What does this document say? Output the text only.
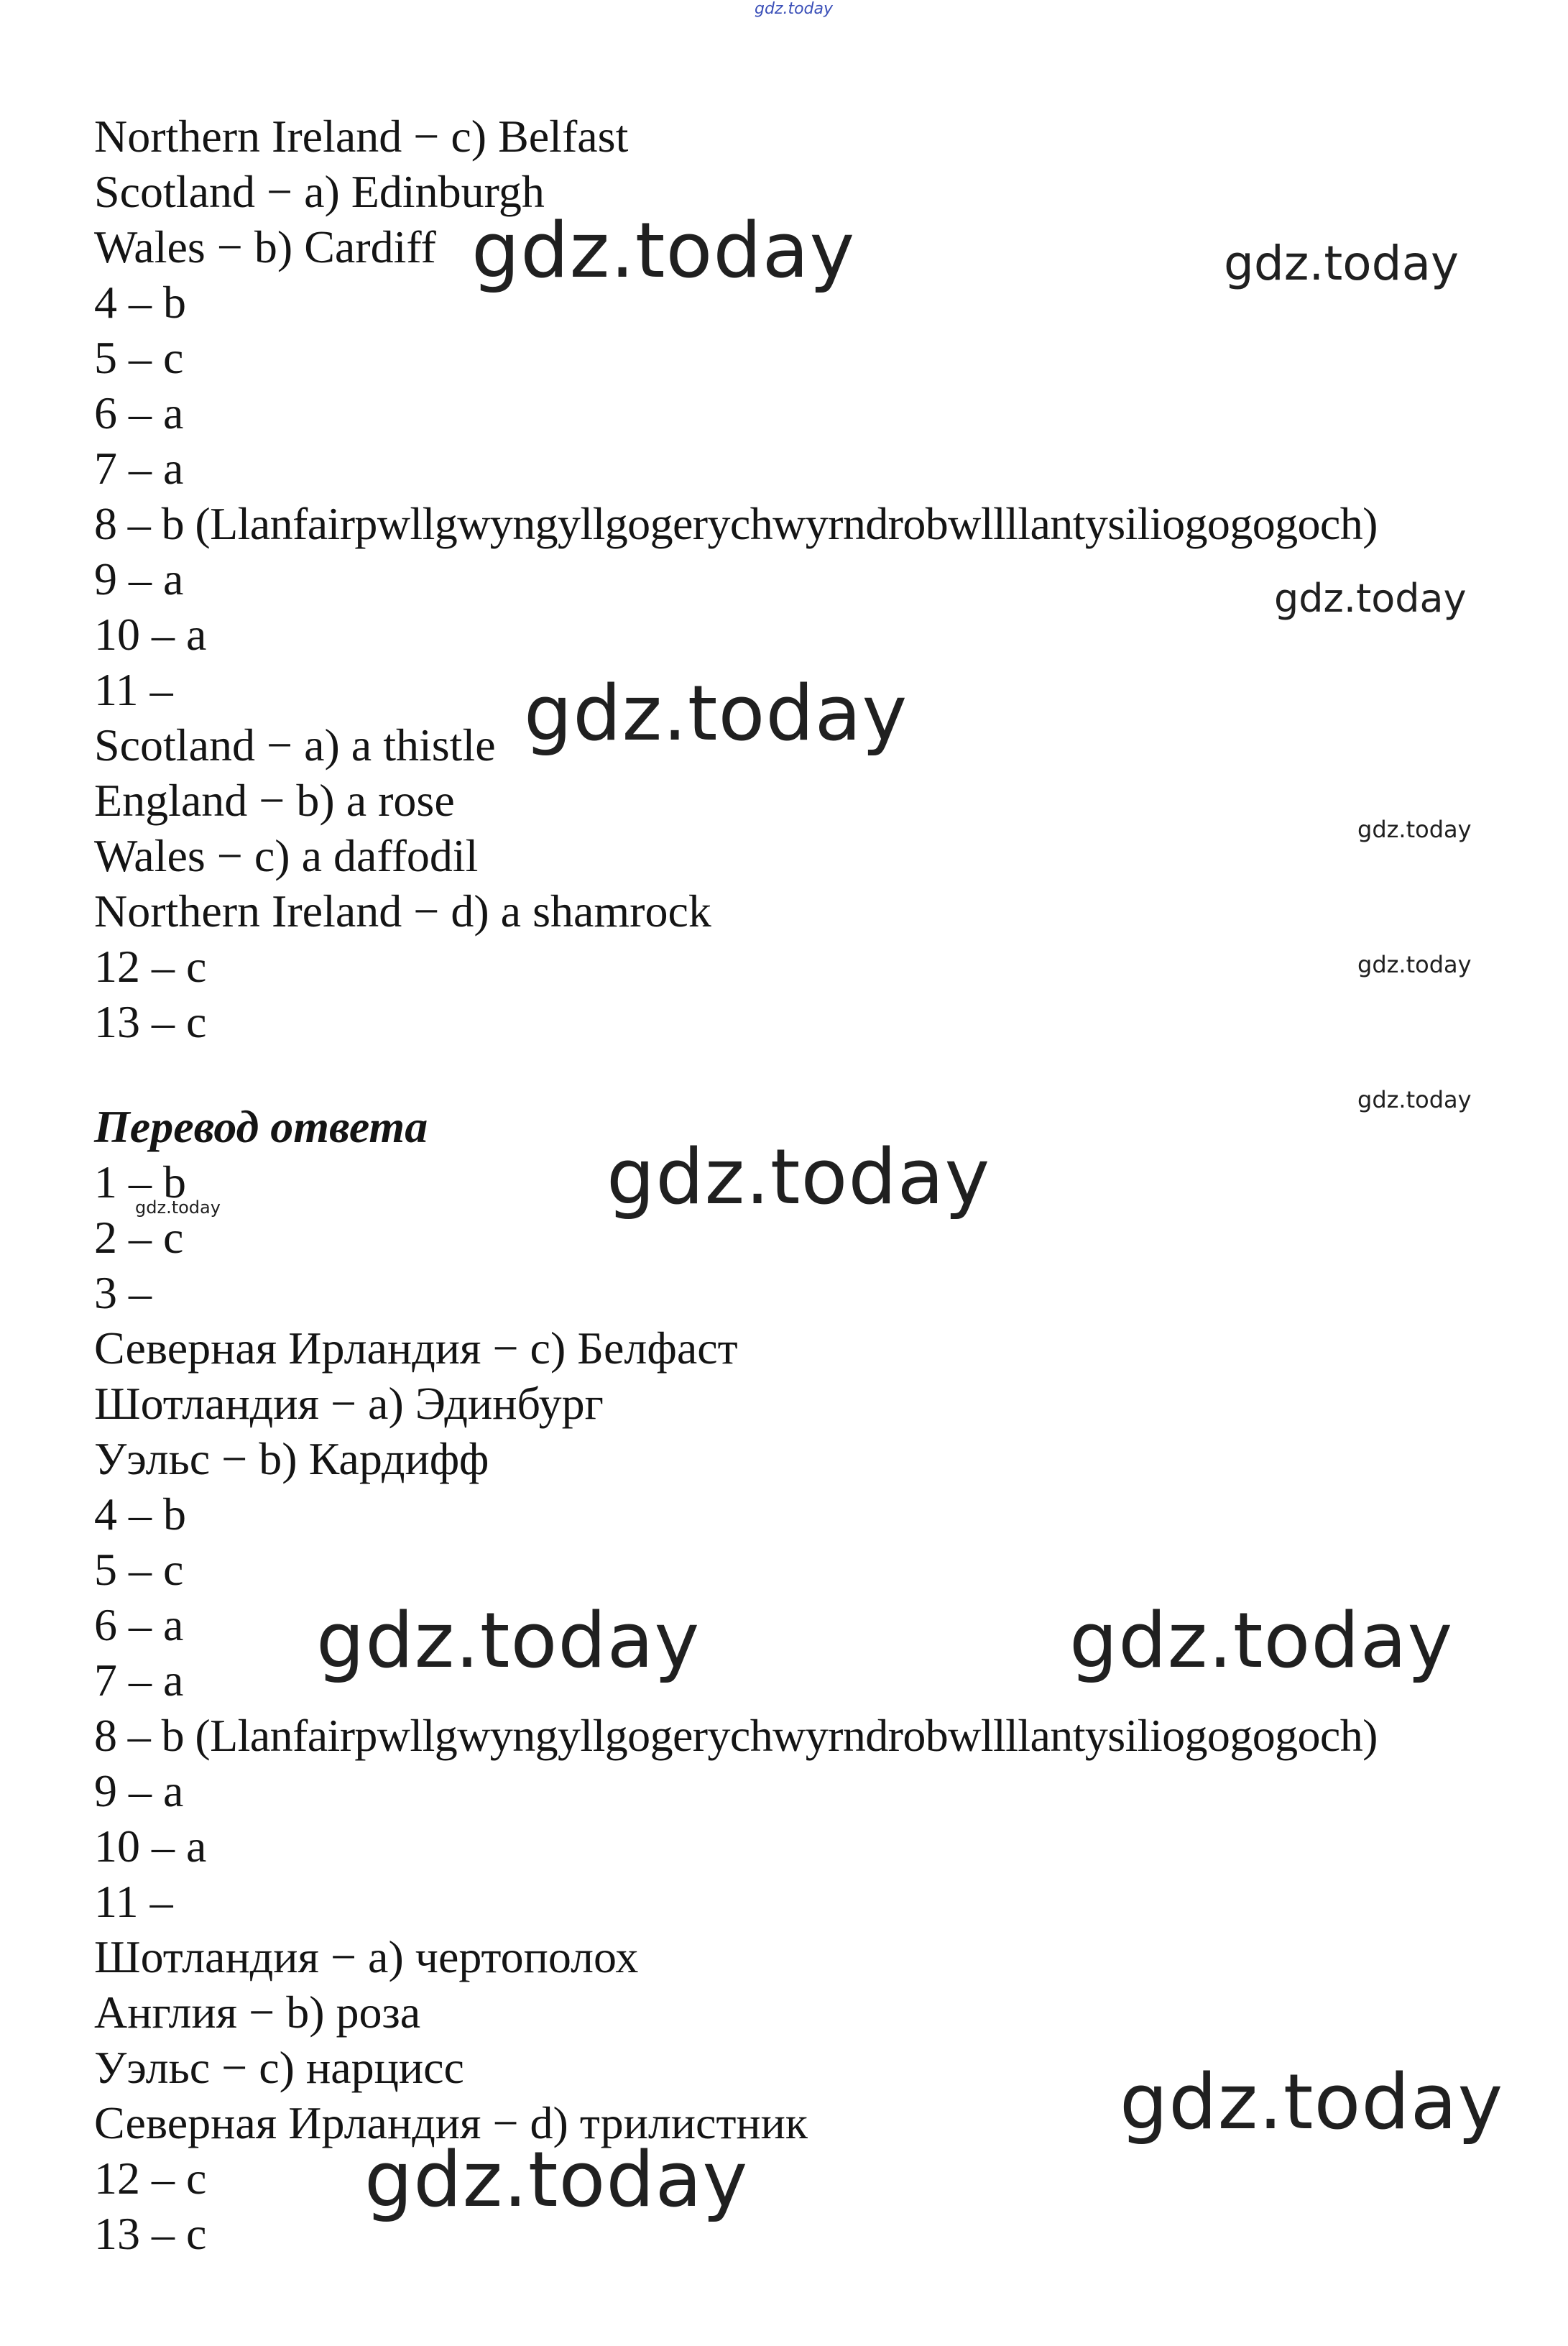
gdz.today

Northern Ireland − c) Belfast

Scotland − a) Edinburgh

Wales − b) Cardiff

4 – b

5 – c

6 – a

7 – a

8 – b (Llanfairpwllgwyngyllgogerychwyrndrobwllllantysiliogogogoch)

9 – a

10 – a

11 –

Scotland − a) a thistle

England − b) a rose

Wales − c) a daffodil

Northern Ireland − d) a shamrock

12 – c

13 – c

Перевод ответа

1 – b

2 – c

3 –

Северная Ирландия − с) Белфаст

Шотландия − а) Эдинбург

Уэльс − b) Кардифф

4 – b

5 – c

6 – a

7 – a

8 – b (Llanfairpwllgwyngyllgogerychwyrndrobwllllantysiliogogogoch)

9 – a

10 – a

11 –

Шотландия − а) чертополох

Англия − b) роза

Уэльс − c) нарцисс

Северная Ирландия − d) трилистник

12 – c

13 – c

gdz.today	gdz.today

gdz.today

gdz.today

gdz.today

gdz.today

gdz.today

gdz.today

gdz.today

gdz.today	gdz.today

gdz.today

gdz.today
